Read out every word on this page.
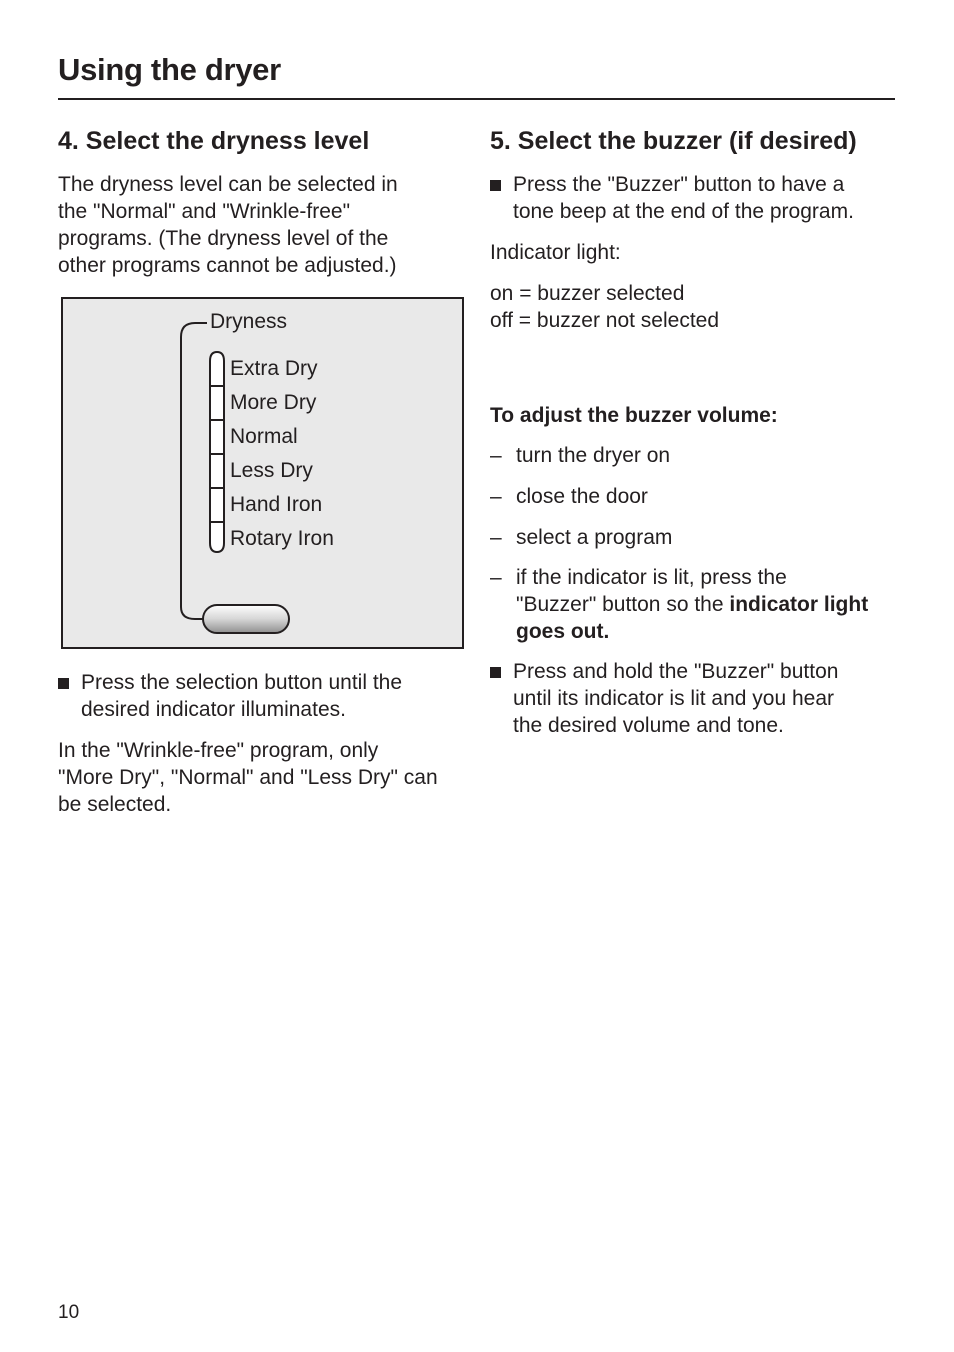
Using the dryer
4. Select the dryness level

The dryness level can be selected in
the "Normal" and "Wrinkle-free"
programs. (The dryness level of the
other programs cannot be adjusted.)

Dryness
Extra Dry
More Dry
Normal
Less Dry
Hand Iron
Rotary Iron

Press the selection button until the
desired indicator illuminates.

In the "Wrinkle-free" program, only
"More Dry", "Normal" and "Less Dry" can
be selected.

5. Select the buzzer (if desired)

Press the "Buzzer" button to have a
tone beep at the end of the program.

Indicator light:

on = buzzer selected
off = buzzer not selected

To adjust the buzzer volume:

– turn the dryer on

– close the door

– select a program

– if the indicator is lit, press the
"Buzzer" button so the indicator light
goes out.

Press and hold the "Buzzer" button
until its indicator is lit and you hear
the desired volume and tone.

10
